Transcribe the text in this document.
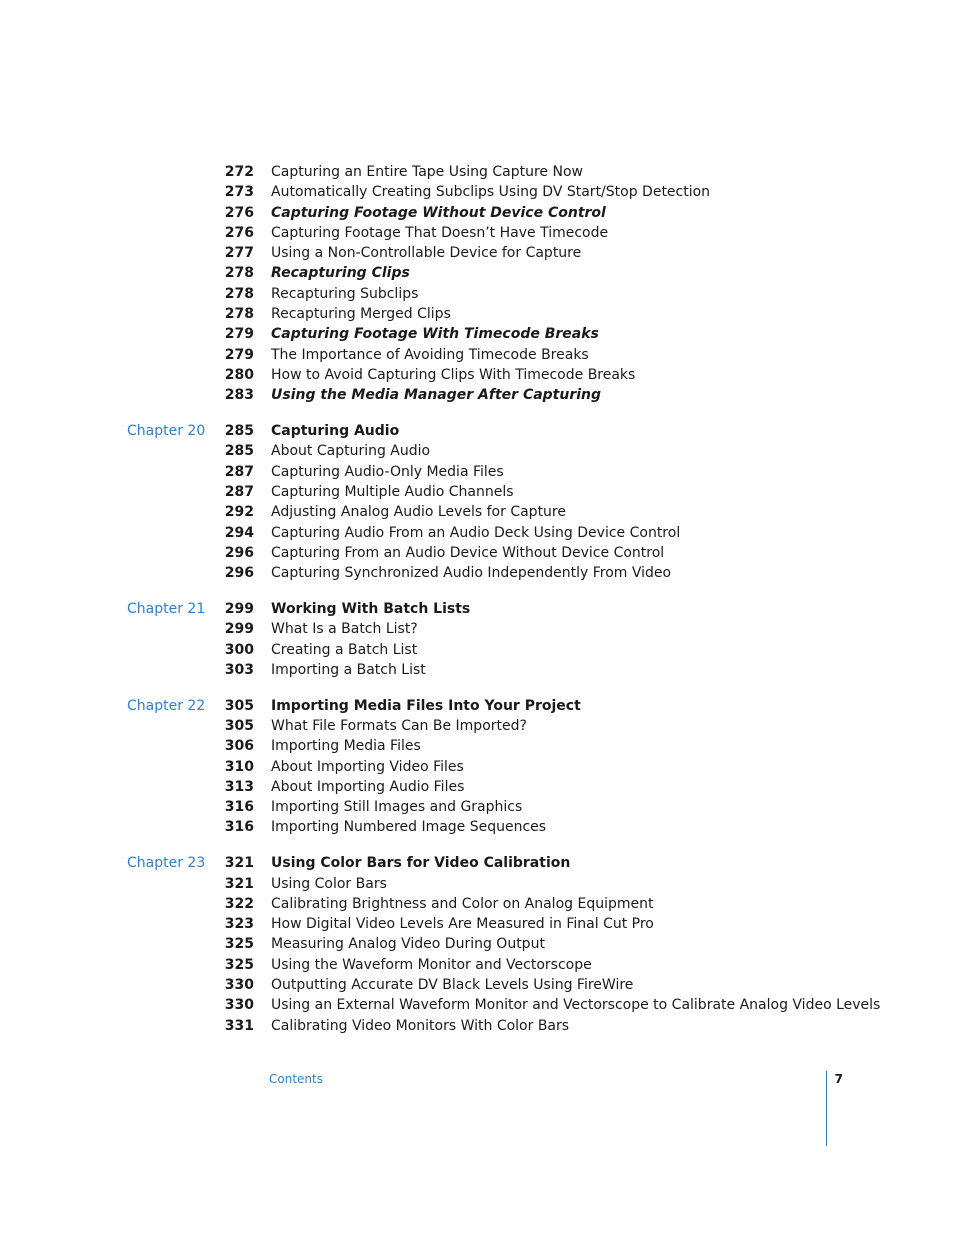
272 Capturing an Entire Tape Using Capture Now
273 Automatically Creating Subclips Using DV Start/Stop Detection
276 Capturing Footage Without Device Control
276 Capturing Footage That Doesn’t Have Timecode
277 Using a Non-Controllable Device for Capture
278 Recapturing Clips
278 Recapturing Subclips
278 Recapturing Merged Clips
279 Capturing Footage With Timecode Breaks
279 The Importance of Avoiding Timecode Breaks
280 How to Avoid Capturing Clips With Timecode Breaks
283 Using the Media Manager After Capturing
Chapter 20	285 Capturing Audio
285 About Capturing Audio
287 Capturing Audio-Only Media Files
287 Capturing Multiple Audio Channels
292 Adjusting Analog Audio Levels for Capture
294 Capturing Audio From an Audio Deck Using Device Control
296 Capturing From an Audio Device Without Device Control
296 Capturing Synchronized Audio Independently From Video
Chapter 21	299 Working With Batch Lists
299 What Is a Batch List?
300 Creating a Batch List
303 Importing a Batch List
Chapter 22	305 Importing Media Files Into Your Project
305 What File Formats Can Be Imported?
306 Importing Media Files
310 About Importing Video Files
313 About Importing Audio Files
316 Importing Still Images and Graphics
316 Importing Numbered Image Sequences
Chapter 23	321 Using Color Bars for Video Calibration
321 Using Color Bars
322 Calibrating Brightness and Color on Analog Equipment
323 How Digital Video Levels Are Measured in Final Cut Pro
325 Measuring Analog Video During Output
325 Using the Waveform Monitor and Vectorscope
330 Outputting Accurate DV Black Levels Using FireWire
330 Using an External Waveform Monitor and Vectorscope to Calibrate Analog Video Levels
331 Calibrating Video Monitors With Color Bars
Contents	7
